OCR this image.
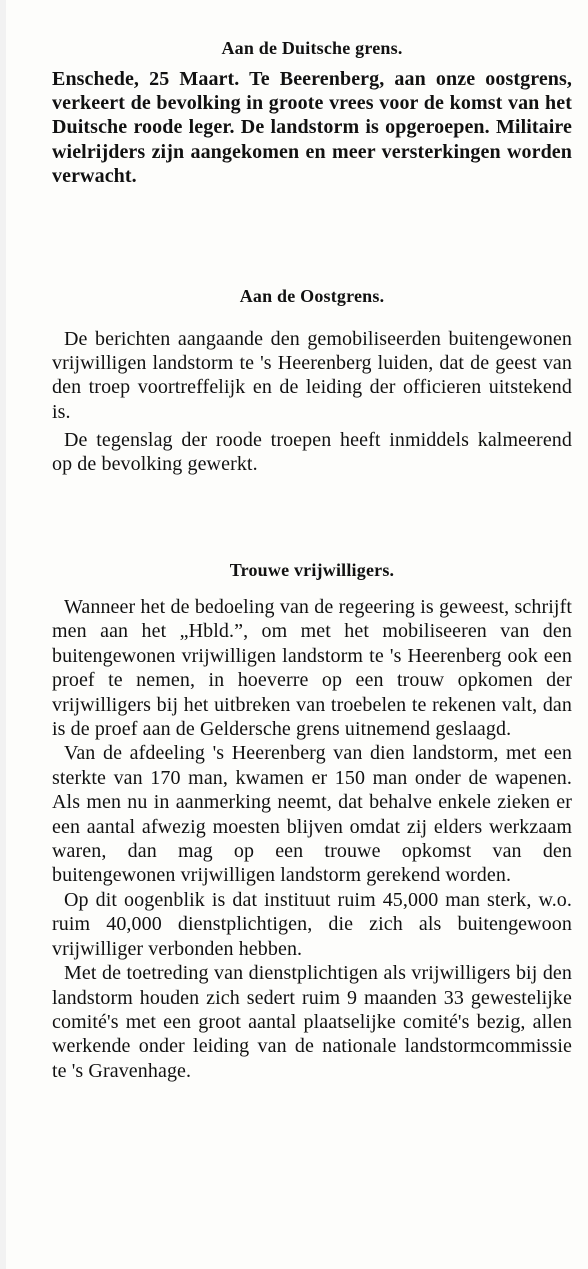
Aan de Duitsche grens.

Enschede, 25 Maart. Te Beerenberg, aan onze oostgrens, verkeert de bevolking in groote vrees voor de komst van het Duitsche roode leger. De landstorm is opgeroepen. Militaire wielrijders zijn aangekomen en meer versterkingen worden verwacht.

Aan de Oostgrens.

De berichten aangaande den gemobiliseerden buitengewonen vrijwilligen landstorm te 's Heerenberg luiden, dat de geest van den troep voortreffelijk en de leiding der officieren uitstekend is.

De tegenslag der roode troepen heeft inmiddels kalmeerend op de bevolking gewerkt.

Trouwe vrijwilligers.

Wanneer het de bedoeling van de regeering is geweest, schrijft men aan het „Hbld.”, om met het mobiliseeren van den buitengewonen vrijwilligen landstorm te 's Heerenberg ook een proef te nemen, in hoeverre op een trouw opkomen der vrijwilligers bij het uitbreken van troebelen te rekenen valt, dan is de proef aan de Geldersche grens uitnemend geslaagd.

Van de afdeeling 's Heerenberg van dien landstorm, met een sterkte van 170 man, kwamen er 150 man onder de wapenen. Als men nu in aanmerking neemt, dat behalve enkele zieken er een aantal afwezig moesten blijven omdat zij elders werkzaam waren, dan mag op een trouwe opkomst van den buitengewonen vrijwilligen landstorm gerekend worden.

Op dit oogenblik is dat instituut ruim 45,000 man sterk, w.o. ruim 40,000 dienstplichtigen, die zich als buitengewoon vrijwilliger verbonden hebben.

Met de toetreding van dienstplichtigen als vrijwilligers bij den landstorm houden zich sedert ruim 9 maanden 33 gewestelijke comité's met een groot aantal plaatselijke comité's bezig, allen werkende onder leiding van de nationale landstormcommissie te 's Gravenhage.
